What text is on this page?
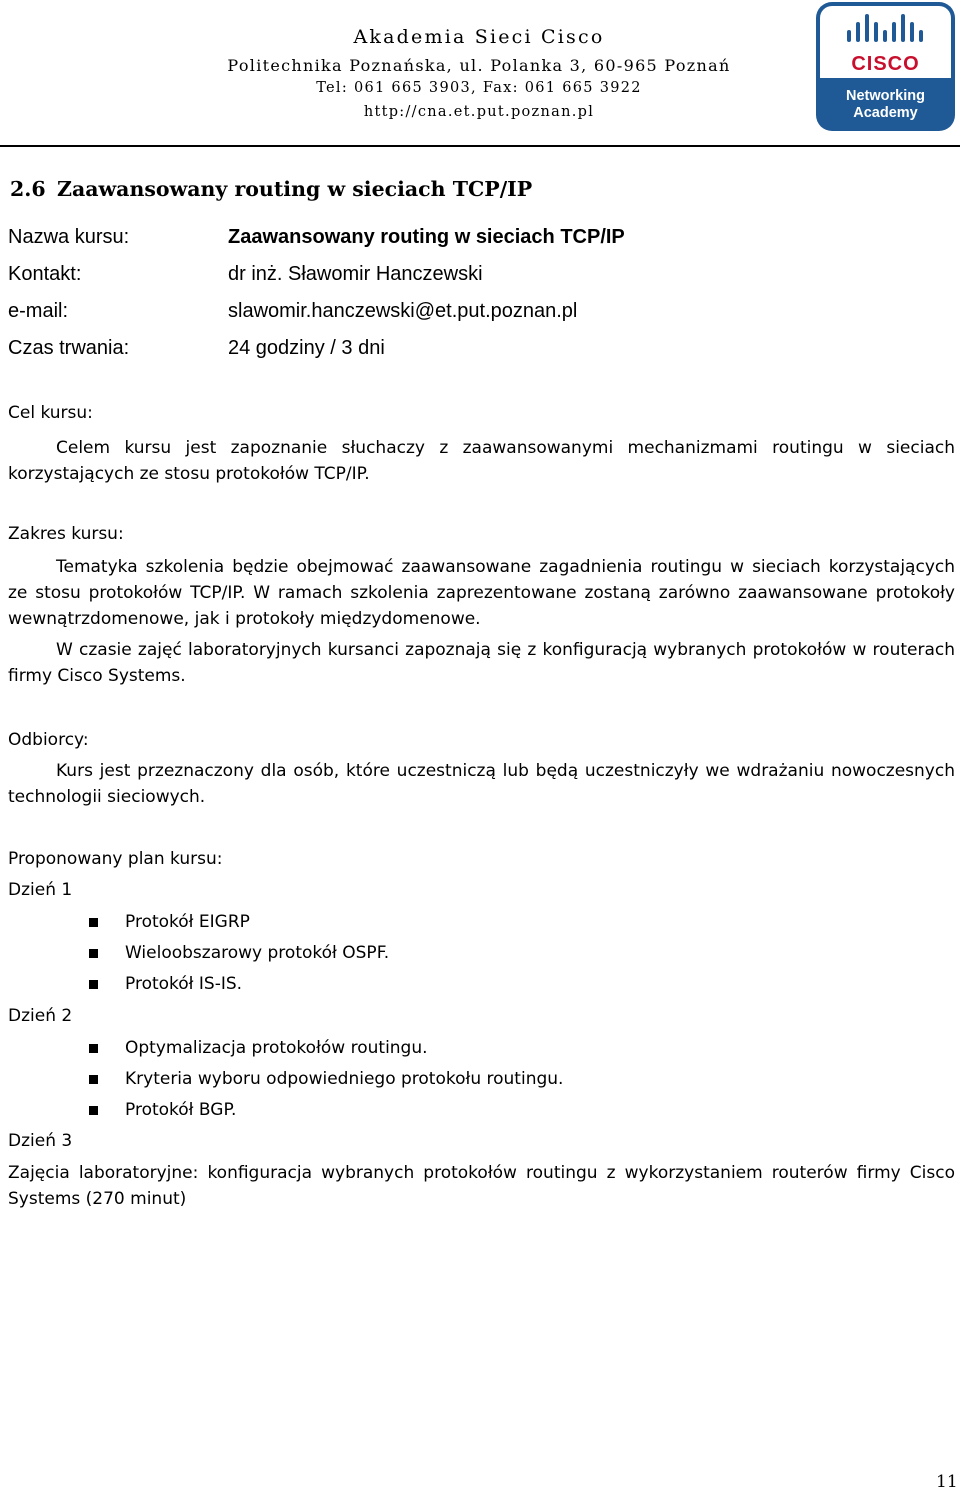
Akademia Sieci Cisco
Politechnika Poznańska, ul. Polanka 3, 60-965 Poznań
Tel: 061 665 3903, Fax: 061 665 3922
http://cna.et.put.poznan.pl
CISCO
Networking
Academy
2.6 Zaawansowany routing w sieciach TCP/IP
Nazwa kursu:	Zaawansowany routing w sieciach TCP/IP
Kontakt:	dr inż. Sławomir Hanczewski
e-mail:	slawomir.hanczewski@et.put.poznan.pl
Czas trwania:	24 godziny / 3 dni
Cel kursu:

Celem kursu jest zapoznanie słuchaczy z zaawansowanymi mechanizmami routingu w sieciach korzystających ze stosu protokołów TCP/IP.

Zakres kursu:

Tematyka szkolenia będzie obejmować zaawansowane zagadnienia routingu w sieciach korzystających ze stosu protokołów TCP/IP. W ramach szkolenia zaprezentowane zostaną zarówno zaawansowane protokoły wewnątrzdomenowe, jak i protokoły międzydomenowe.

W czasie zajęć laboratoryjnych kursanci zapoznają się z konfiguracją wybranych protokołów w routerach firmy Cisco Systems.

Odbiorcy:

Kurs jest przeznaczony dla osób, które uczestniczą lub będą uczestniczyły we wdrażaniu nowoczesnych technologii sieciowych.

Proponowany plan kursu:
Dzień 1
Protokół EIGRP
Wieloobszarowy protokół OSPF.
Protokół IS-IS.
Dzień 2
Optymalizacja protokołów routingu.
Kryteria wyboru odpowiedniego protokołu routingu.
Protokół BGP.
Dzień 3

Zajęcia laboratoryjne: konfiguracja wybranych protokołów routingu z wykorzystaniem routerów firmy Cisco Systems (270 minut)

11
